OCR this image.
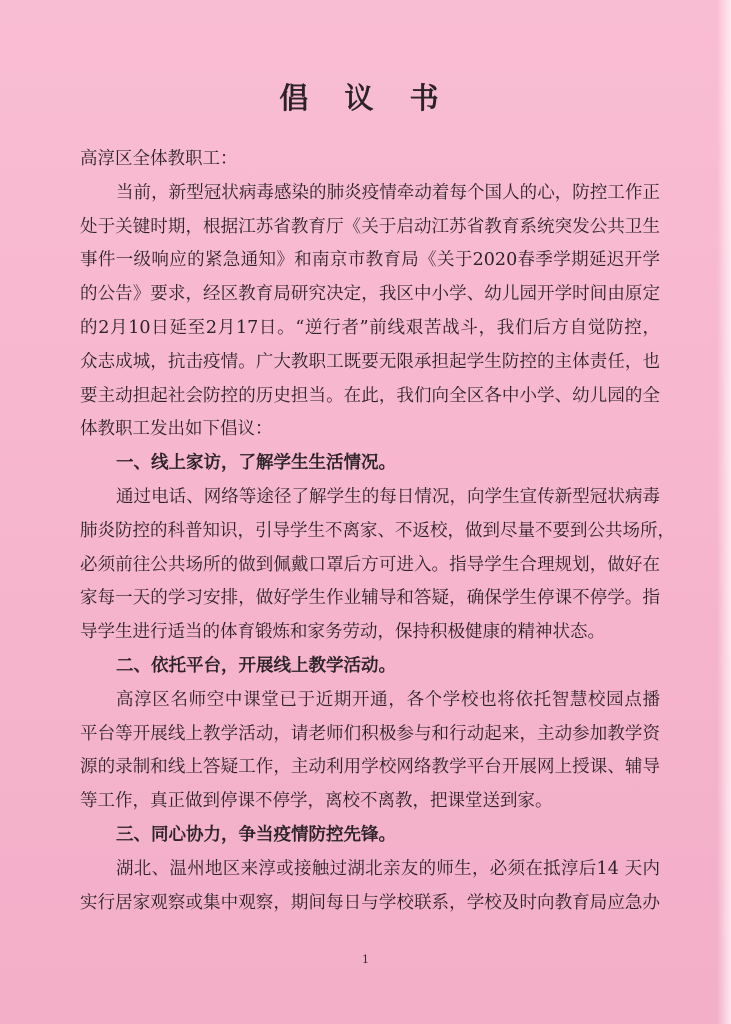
倡 议 书
高淳区全体教职工：
当前，新型冠状病毒感染的肺炎疫情牵动着每个国人的心，防控工作正
处于关键时期，根据江苏省教育厅《关于启动江苏省教育系统突发公共卫生
事件一级响应的紧急通知》和南京市教育局《关于2020春季学期延迟开学
的公告》要求，经区教育局研究决定，我区中小学、幼儿园开学时间由原定
的2月10日延至2月17日。“逆行者”前线艰苦战斗，我们后方自觉防控，
众志成城，抗击疫情。广大教职工既要无限承担起学生防控的主体责任，也
要主动担起社会防控的历史担当。在此，我们向全区各中小学、幼儿园的全
体教职工发出如下倡议：
一、线上家访，了解学生生活情况。
通过电话、网络等途径了解学生的每日情况，向学生宣传新型冠状病毒
肺炎防控的科普知识，引导学生不离家、不返校，做到尽量不要到公共场所，
必须前往公共场所的做到佩戴口罩后方可进入。指导学生合理规划，做好在
家每一天的学习安排，做好学生作业辅导和答疑，确保学生停课不停学。指
导学生进行适当的体育锻炼和家务劳动，保持积极健康的精神状态。
二、依托平台，开展线上教学活动。
高淳区名师空中课堂已于近期开通，各个学校也将依托智慧校园点播
平台等开展线上教学活动，请老师们积极参与和行动起来，主动参加教学资
源的录制和线上答疑工作，主动利用学校网络教学平台开展网上授课、辅导
等工作，真正做到停课不停学，离校不离教，把课堂送到家。
三、同心协力，争当疫情防控先锋。
湖北、温州地区来淳或接触过湖北亲友的师生，必须在抵淳后14 天内
实行居家观察或集中观察，期间每日与学校联系，学校及时向教育局应急办
1
